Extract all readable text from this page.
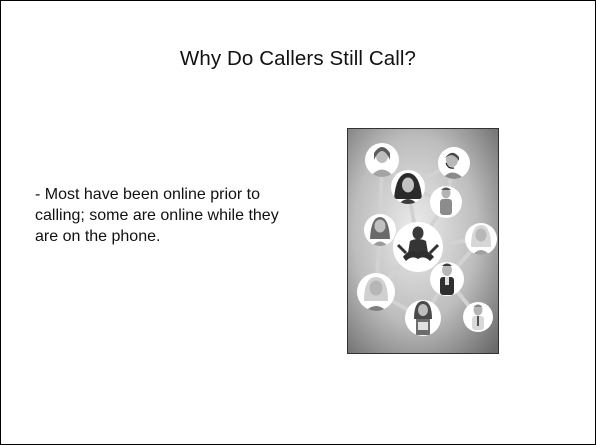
Why Do Callers Still Call?
- Most have been online prior to calling; some are online while they are on the phone.
